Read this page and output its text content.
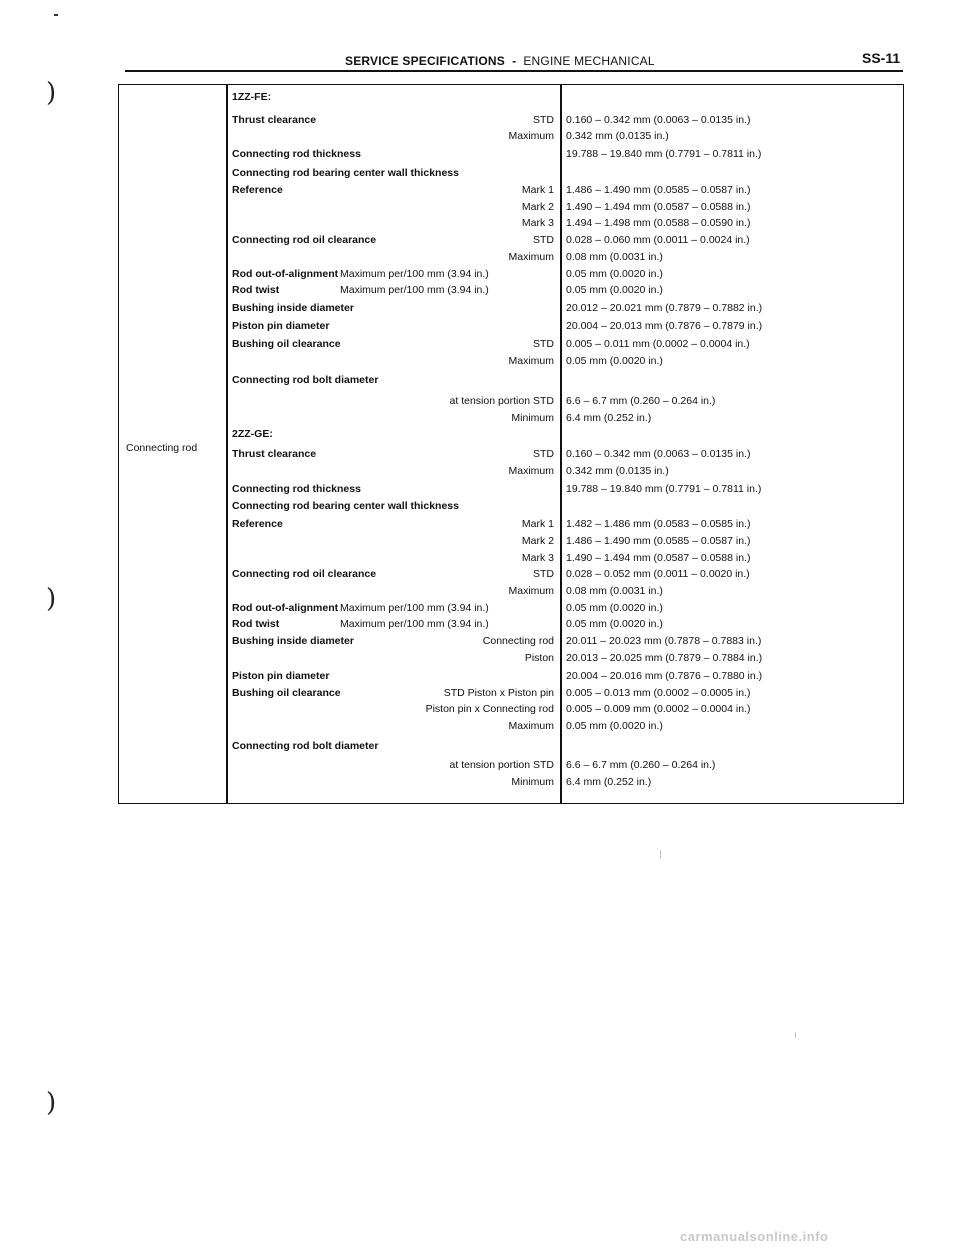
)
)
)
SERVICE SPECIFICATIONS - ENGINE MECHANICAL	SS-11
Connecting rod
1ZZ-FE:
Thrust clearance	STD 0.160 – 0.342 mm (0.0063 – 0.0135 in.)
Maximum 0.342 mm (0.0135 in.)
Connecting rod thickness	19.788 – 19.840 mm (0.7791 – 0.7811 in.)
Connecting rod bearing center wall thickness
Reference	Mark 1 1.486 – 1.490 mm (0.0585 – 0.0587 in.)
Mark 2 1.490 – 1.494 mm (0.0587 – 0.0588 in.)
Mark 3 1.494 – 1.498 mm (0.0588 – 0.0590 in.)
Connecting rod oil clearance	STD 0.028 – 0.060 mm (0.0011 – 0.0024 in.)
Maximum 0.08 mm (0.0031 in.)
Rod out-of-alignment Maximum per/100 mm (3.94 in.)	0.05 mm (0.0020 in.)
Rod twist	Maximum per/100 mm (3.94 in.)	0.05 mm (0.0020 in.)
Bushing inside diameter	20.012 – 20.021 mm (0.7879 – 0.7882 in.)
Piston pin diameter	20.004 – 20.013 mm (0.7876 – 0.7879 in.)
Bushing oil clearance	STD 0.005 – 0.011 mm (0.0002 – 0.0004 in.)
Maximum 0.05 mm (0.0020 in.)
Connecting rod bolt diameter
at tension portion STD 6.6 – 6.7 mm (0.260 – 0.264 in.)
Minimum 6.4 mm (0.252 in.)
2ZZ-GE:
Thrust clearance	STD 0.160 – 0.342 mm (0.0063 – 0.0135 in.)
Maximum 0.342 mm (0.0135 in.)
Connecting rod thickness	19.788 – 19.840 mm (0.7791 – 0.7811 in.)
Connecting rod bearing center wall thickness
Reference	Mark 1 1.482 – 1.486 mm (0.0583 – 0.0585 in.)
Mark 2 1.486 – 1.490 mm (0.0585 – 0.0587 in.)
Mark 3 1.490 – 1.494 mm (0.0587 – 0.0588 in.)
Connecting rod oil clearance	STD 0.028 – 0.052 mm (0.0011 – 0.0020 in.)
Maximum 0.08 mm (0.0031 in.)
Rod out-of-alignment Maximum per/100 mm (3.94 in.)	0.05 mm (0.0020 in.)
Rod twist	Maximum per/100 mm (3.94 in.)	0.05 mm (0.0020 in.)
Bushing inside diameter	Connecting rod 20.011 – 20.023 mm (0.7878 – 0.7883 in.)
Piston 20.013 – 20.025 mm (0.7879 – 0.7884 in.)
Piston pin diameter	20.004 – 20.016 mm (0.7876 – 0.7880 in.)
Bushing oil clearance	STD Piston x Piston pin 0.005 – 0.013 mm (0.0002 – 0.0005 in.)
Piston pin x Connecting rod 0.005 – 0.009 mm (0.0002 – 0.0004 in.)
Maximum 0.05 mm (0.0020 in.)
Connecting rod bolt diameter
at tension portion STD 6.6 – 6.7 mm (0.260 – 0.264 in.)
Minimum 6.4 mm (0.252 in.)
carmanualsonline.info
